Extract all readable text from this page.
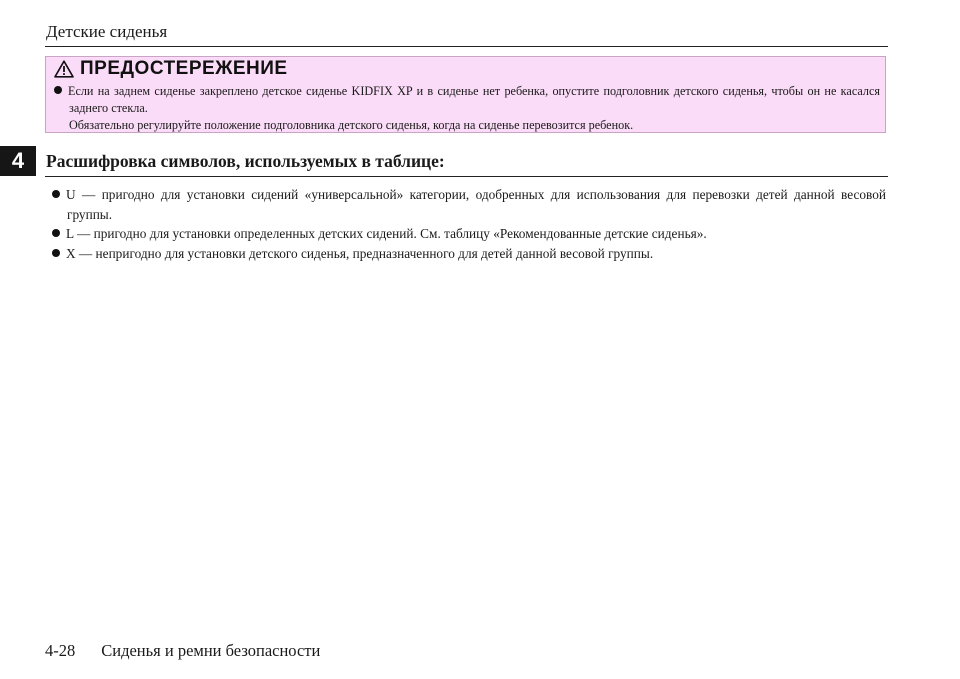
Детские сиденья
ПРЕДОСТЕРЕЖЕНИЕ

Если на заднем сиденье закреплено детское сиденье KIDFIX XP и в сиденье нет ребенка, опустите подголовник детского сиденья, чтобы он не касался заднего стекла.

Обязательно регулируйте положение подголовника детского сиденья, когда на сиденье перевозится ребенок.

4	Расшифровка символов, используемых в таблице:

U — пригодно для установки сидений «универсальной» категории, одобренных для использования для перевозки детей данной весовой группы.

L — пригодно для установки определенных детских сидений. См. таблицу «Рекомендованные детские сиденья».

X — непригодно для установки детского сиденья, предназначенного для детей данной весовой группы.

4-28 Сиденья и ремни безопасности
